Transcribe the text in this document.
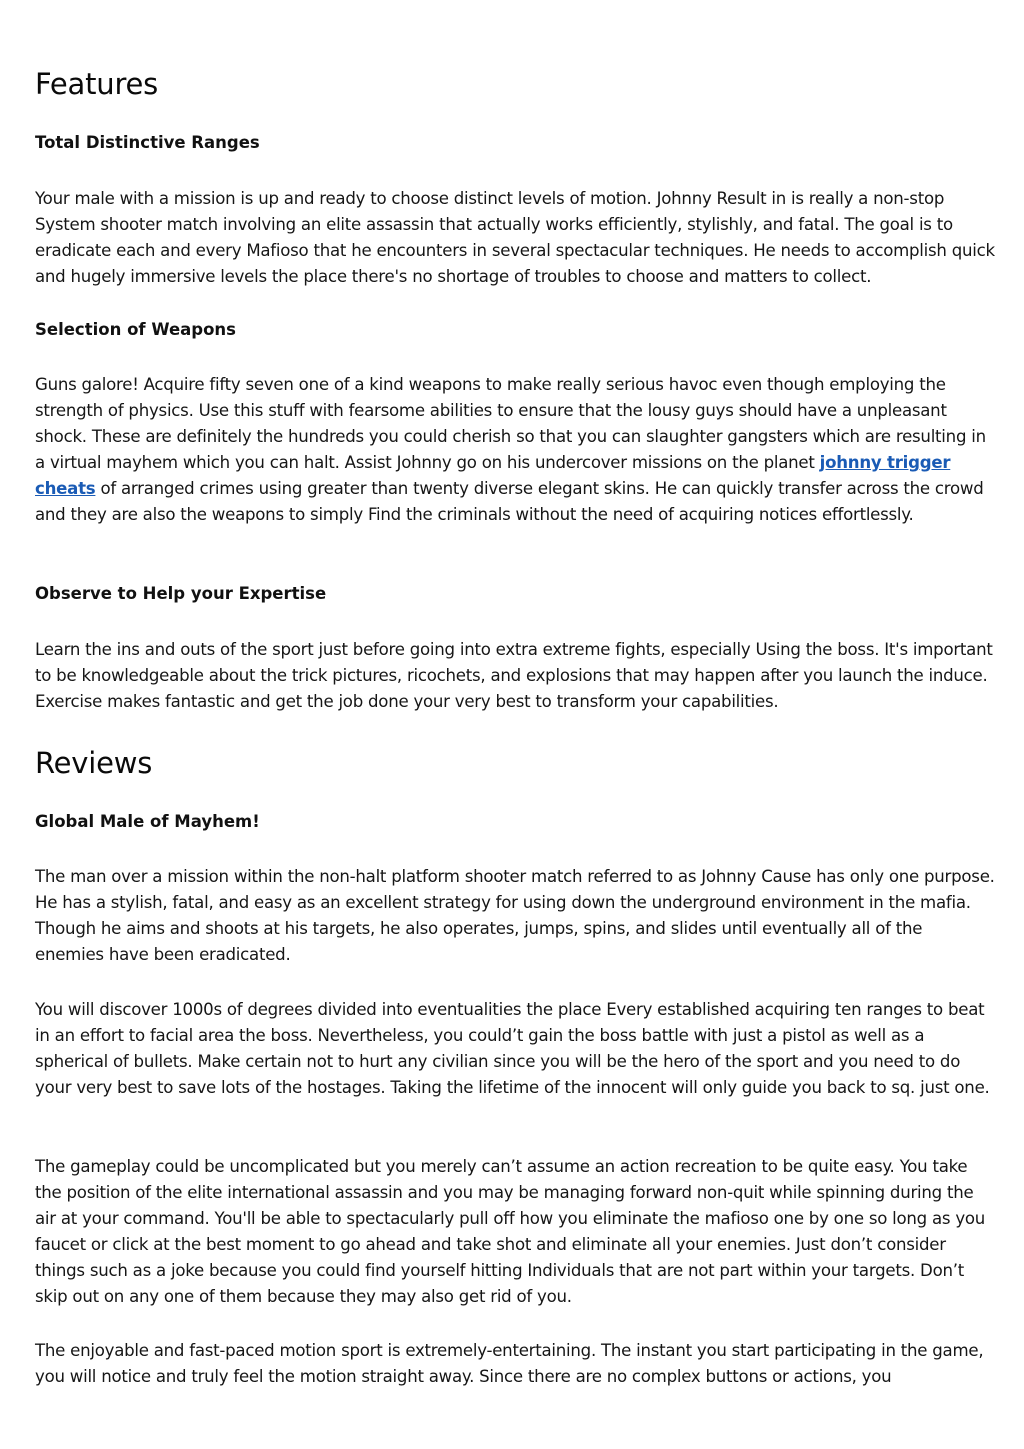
Features
Total Distinctive Ranges

Your male with a mission is up and ready to choose distinct levels of motion. Johnny Result in is really a non-stop System shooter match involving an elite assassin that actually works efficiently, stylishly, and fatal. The goal is to eradicate each and every Mafioso that he encounters in several spectacular techniques. He needs to accomplish quick and hugely immersive levels the place there's no shortage of troubles to choose and matters to collect.

Selection of Weapons

Guns galore! Acquire fifty seven one of a kind weapons to make really serious havoc even though employing the strength of physics. Use this stuff with fearsome abilities to ensure that the lousy guys should have a unpleasant shock. These are definitely the hundreds you could cherish so that you can slaughter gangsters which are resulting in a virtual mayhem which you can halt. Assist Johnny go on his undercover missions on the planet johnny trigger cheats of arranged crimes using greater than twenty diverse elegant skins. He can quickly transfer across the crowd and they are also the weapons to simply Find the criminals without the need of acquiring notices effortlessly.

Observe to Help your Expertise

Learn the ins and outs of the sport just before going into extra extreme fights, especially Using the boss. It's important to be knowledgeable about the trick pictures, ricochets, and explosions that may happen after you launch the induce. Exercise makes fantastic and get the job done your very best to transform your capabilities.

Reviews
Global Male of Mayhem!

The man over a mission within the non-halt platform shooter match referred to as Johnny Cause has only one purpose. He has a stylish, fatal, and easy as an excellent strategy for using down the underground environment in the mafia. Though he aims and shoots at his targets, he also operates, jumps, spins, and slides until eventually all of the enemies have been eradicated.

You will discover 1000s of degrees divided into eventualities the place Every established acquiring ten ranges to beat in an effort to facial area the boss. Nevertheless, you could’t gain the boss battle with just a pistol as well as a spherical of bullets. Make certain not to hurt any civilian since you will be the hero of the sport and you need to do your very best to save lots of the hostages. Taking the lifetime of the innocent will only guide you back to sq. just one.

The gameplay could be uncomplicated but you merely can’t assume an action recreation to be quite easy. You take the position of the elite international assassin and you may be managing forward non-quit while spinning during the air at your command. You'll be able to spectacularly pull off how you eliminate the mafioso one by one so long as you faucet or click at the best moment to go ahead and take shot and eliminate all your enemies. Just don’t consider things such as a joke because you could find yourself hitting Individuals that are not part within your targets. Don’t skip out on any one of them because they may also get rid of you.

The enjoyable and fast-paced motion sport is extremely-entertaining. The instant you start participating in the game, you will notice and truly feel the motion straight away. Since there are no complex buttons or actions, you
